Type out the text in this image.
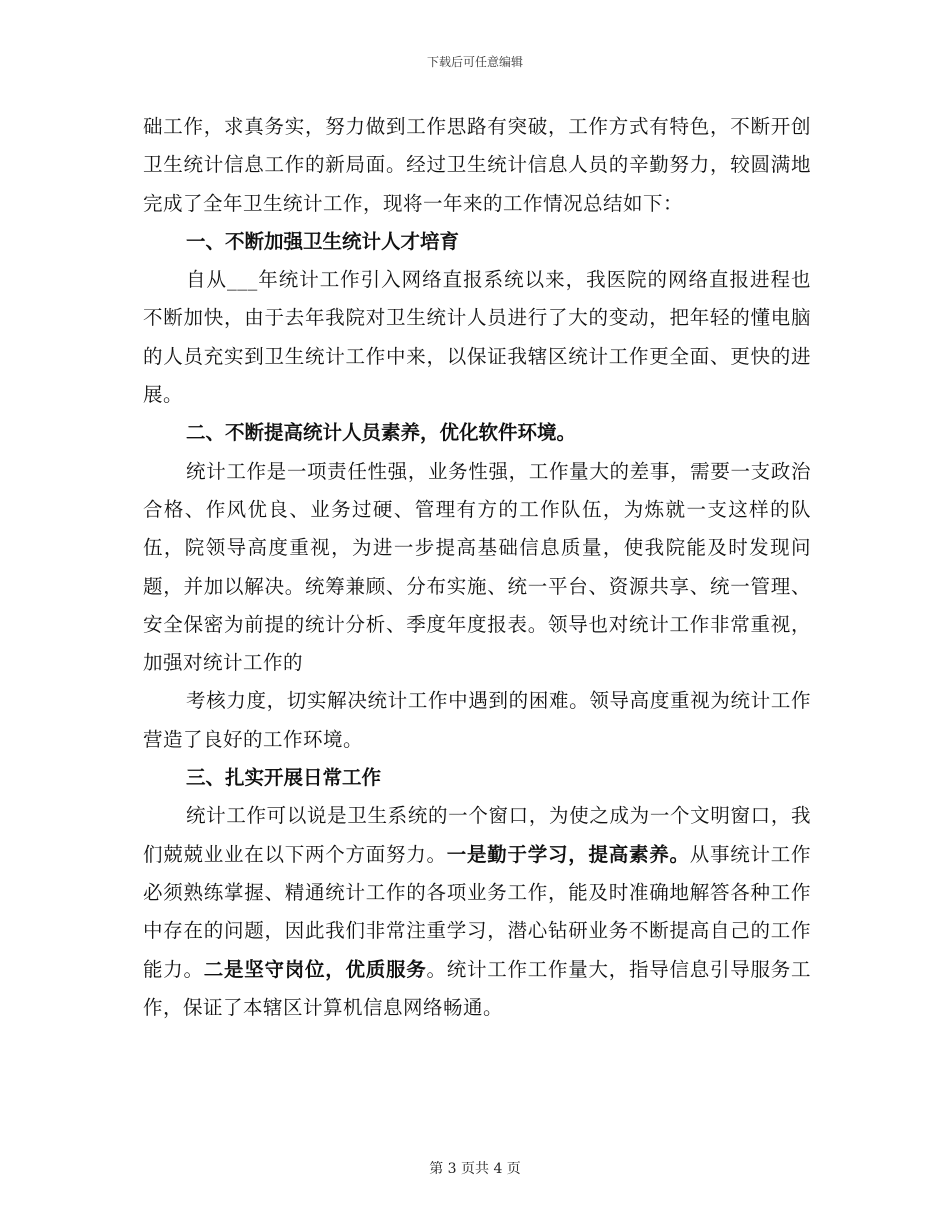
下载后可任意编辑

础工作，求真务实，努力做到工作思路有突破，工作方式有特色，不断开创卫生统计信息工作的新局面。经过卫生统计信息人员的辛勤努力，较圆满地完成了全年卫生统计工作，现将一年来的工作情况总结如下：

一、不断加强卫生统计人才培育

自从___年统计工作引入网络直报系统以来，我医院的网络直报进程也不断加快，由于去年我院对卫生统计人员进行了大的变动，把年轻的懂电脑的人员充实到卫生统计工作中来，以保证我辖区统计工作更全面、更快的进展。

二、不断提高统计人员素养，优化软件环境。

统计工作是一项责任性强，业务性强，工作量大的差事，需要一支政治合格、作风优良、业务过硬、管理有方的工作队伍，为炼就一支这样的队伍，院领导高度重视，为进一步提高基础信息质量，使我院能及时发现问题，并加以解决。统筹兼顾、分布实施、统一平台、资源共享、统一管理、安全保密为前提的统计分析、季度年度报表。领导也对统计工作非常重视，加强对统计工作的

考核力度，切实解决统计工作中遇到的困难。领导高度重视为统计工作营造了良好的工作环境。

三、扎实开展日常工作

统计工作可以说是卫生系统的一个窗口，为使之成为一个文明窗口，我们兢兢业业在以下两个方面努力。一是勤于学习，提高素养。从事统计工作必须熟练掌握、精通统计工作的各项业务工作，能及时准确地解答各种工作中存在的问题，因此我们非常注重学习，潜心钻研业务不断提高自己的工作能力。二是坚守岗位，优质服务。统计工作工作量大，指导信息引导服务工作，保证了本辖区计算机信息网络畅通。

第 3 页共 4 页
